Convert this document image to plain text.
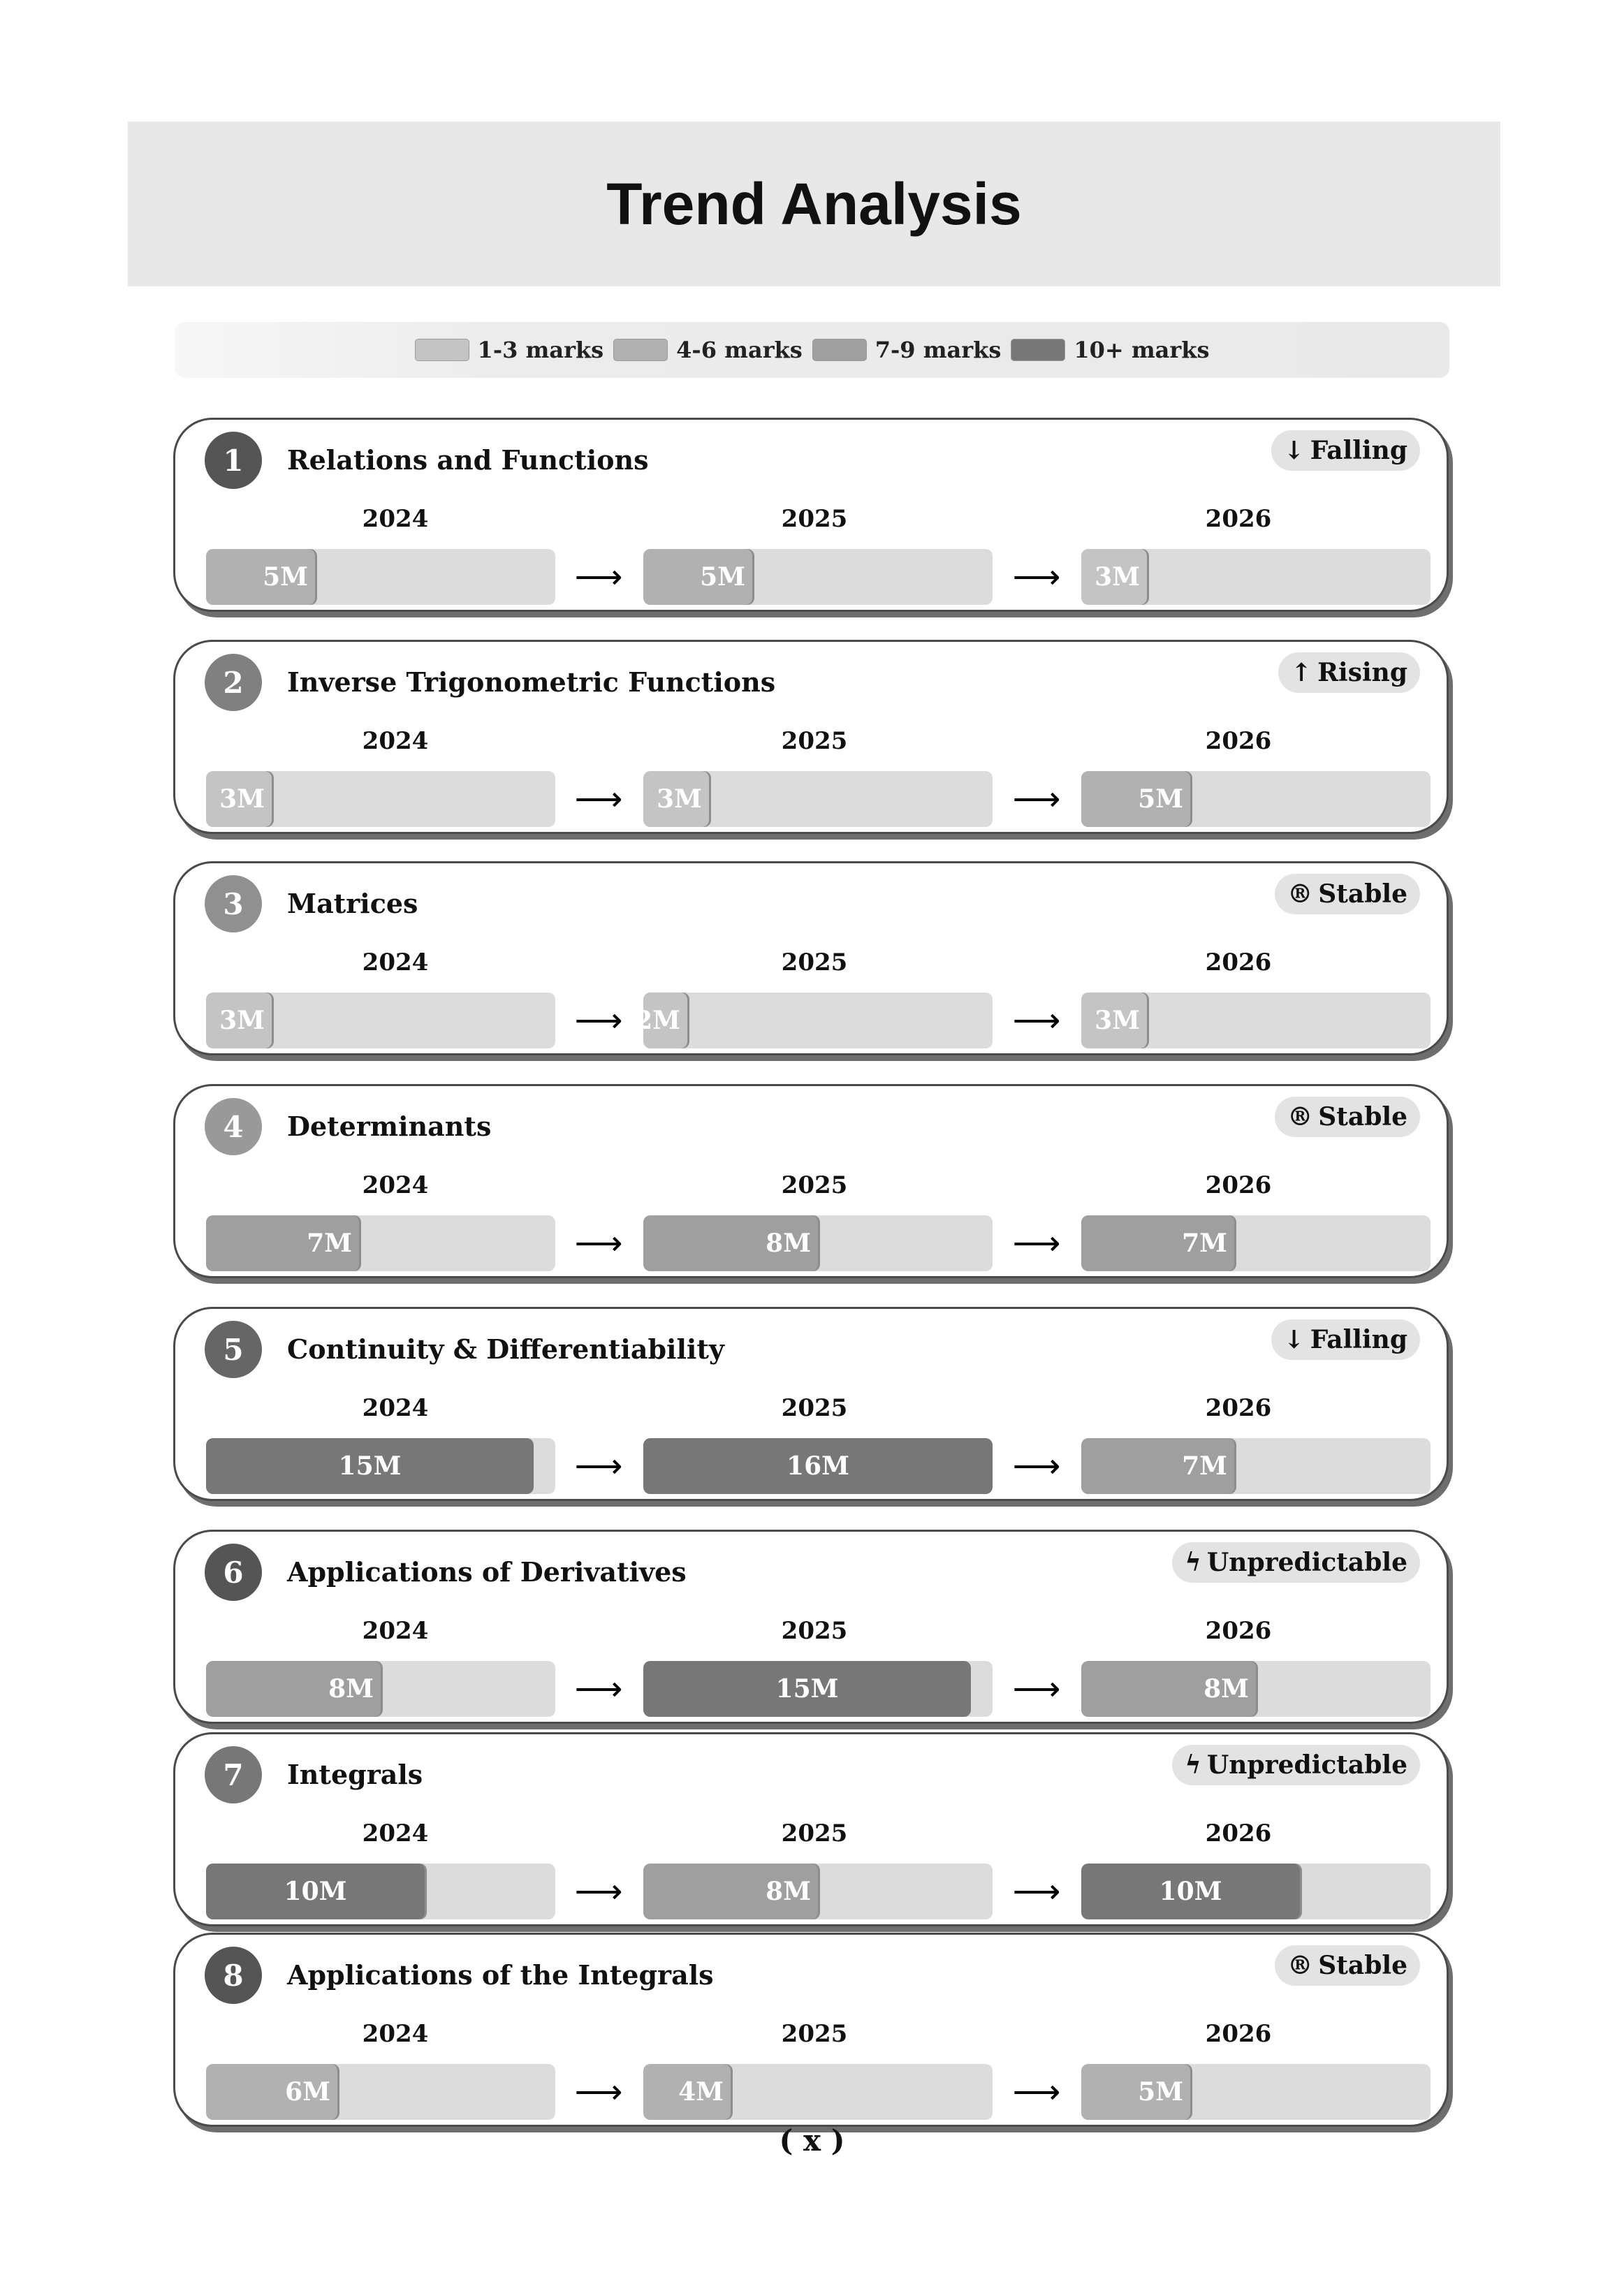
Trend Analysis
1-3 marks	4-6 marks	7-9 marks	10+ marks
1	Relations and Functions	↓ Falling
2024
5M	⟶
2025
5M	⟶
2026
3M
2	Inverse Trigonometric Functions	↑ Rising
2024
3M	⟶
2025
3M	⟶
2026
5M
3	Matrices	® Stable
2024
3M	⟶
2025
2M	⟶
2026
3M
4	Determinants	® Stable
2024
7M	⟶
2025
8M	⟶
2026
7M
5	Continuity & Differentiability	↓ Falling
2024
15M	⟶
2025
16M	⟶
2026
7M
6	Applications of Derivatives	ϟ Unpredictable
2024
8M	⟶
2025
15M	⟶
2026
8M
7	Integrals	ϟ Unpredictable
2024
10M	⟶
2025
8M	⟶
2026
10M
8	Applications of the Integrals	® Stable
2024
6M	⟶
2025
4M	⟶
2026
5M
( x )
